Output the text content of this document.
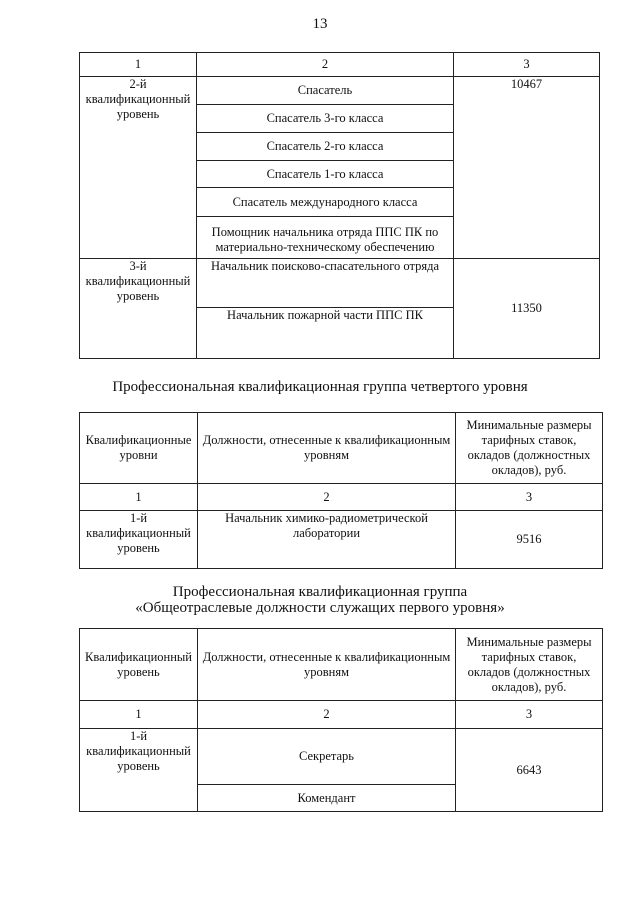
13
1	2	3
2-й квалификационный уровень	Спасатель	10467
	Спасатель 3-го класса	
	Спасатель 2-го класса	
	Спасатель 1-го класса	
	Спасатель международного класса	
	Помощник начальника отряда ППС ПК по материально-техническому обеспечению	
3-й квалификационный уровень	Начальник поисково-спасательного отряда	11350
	Начальник пожарной части ППС ПК	
Профессиональная квалификационная группа четвертого уровня
Квалификационные уровни	Должности, отнесенные к квалификационным уровням	Минимальные размеры тарифных ставок, окладов (должностных окладов), руб.
1	2	3
1-й квалификационный уровень	Начальник химико-радиометрической лаборатории	9516
Профессиональная квалификационная группа
«Общеотраслевые должности служащих первого уровня»
Квалификационный уровень	Должности, отнесенные к квалификационным уровням	Минимальные размеры тарифных ставок, окладов (должностных окладов), руб.
1	2	3
1-й квалификационный уровень	Секретарь	6643
	Комендант	
